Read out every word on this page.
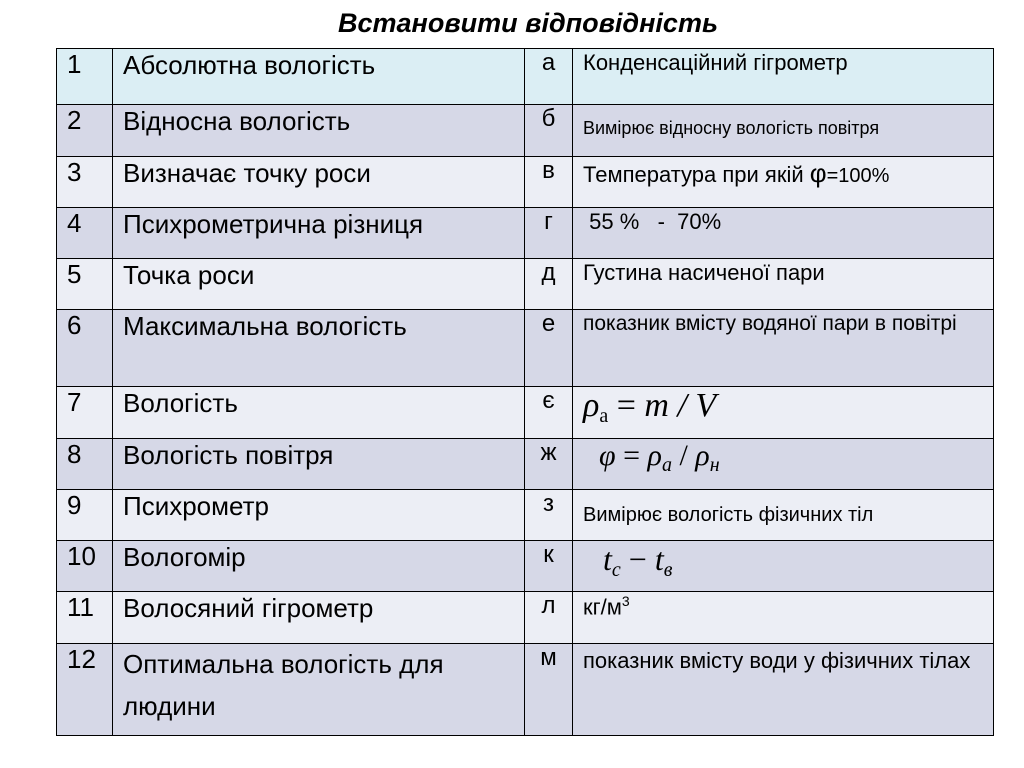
Встановити відповідність
1	Абсолютна вологість	а	Конденсаційний гігрометр
2	Відносна вологість	б	Вимірює відносну вологість повітря
3	Визначає точку роси	в	Температура при якій φ=100%
4	Психрометрична різниця	г	55 %   -  70%
5	Точка роси	д	Густина насиченої пари
6	Максимальна вологість	е	показник вмісту водяної пари в повітрі
7	Вологість	є	$\rho_а = m / V$
8	Вологість повітря	ж	$\varphi = \rho_а / \rho_н$
9	Психрометр	з	Вимірює вологість фізичних тіл
10	Вологомір	к	$t_c - t_в$
11	Волосяний гігрометр	л	$кг/м^3$
12	Оптимальна вологість для людини	м	показник вмісту води у фізичних тілах
